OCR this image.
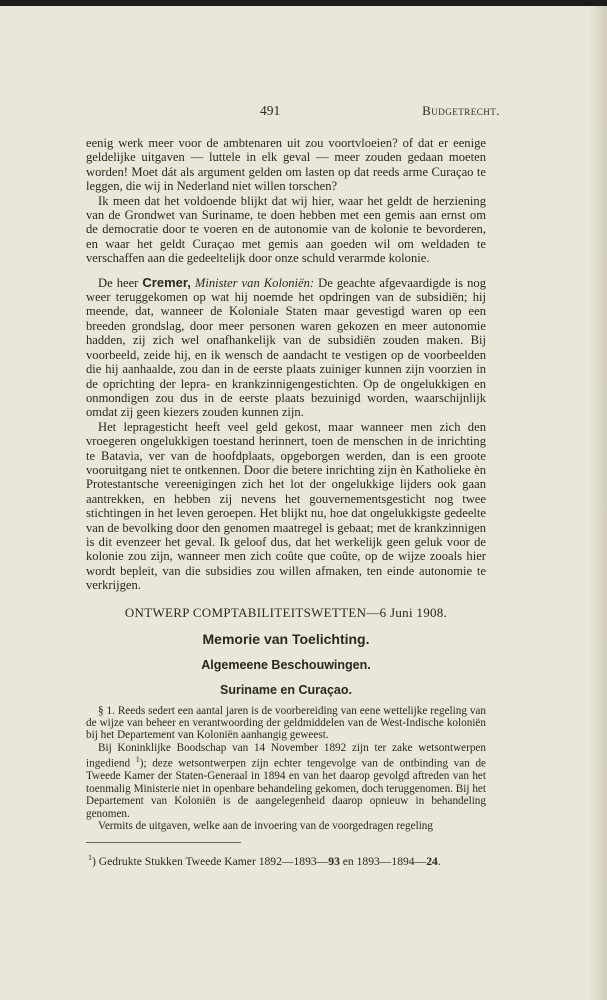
491	Budgetrecht.

eenig werk meer voor de ambtenaren uit zou voortvloeien? of dat er eenige geldelijke uitgaven — luttele in elk geval — meer zouden gedaan moeten worden! Moet dát als argument gelden om lasten op dat reeds arme Curaçao te leggen, die wij in Nederland niet willen torschen?

Ik meen dat het voldoende blijkt dat wij hier, waar het geldt de herziening van de Grondwet van Suriname, te doen hebben met een gemis aan ernst om de democratie door te voeren en de autonomie van de kolonie te bevorderen, en waar het geldt Curaçao met gemis aan goeden wil om weldaden te verschaffen aan die gedeeltelijk door onze schuld verarmde kolonie.

De heer Cremer, Minister van Koloniën: De geachte afgevaardigde is nog weer teruggekomen op wat hij noemde het opdringen van de subsidiën; hij meende, dat, wanneer de Koloniale Staten maar gevestigd waren op een breeden grondslag, door meer personen waren gekozen en meer autonomie hadden, zij zich wel onafhankelijk van de subsidiën zouden maken. Bij voorbeeld, zeide hij, en ik wensch de aandacht te vestigen op de voorbeelden die hij aanhaalde, zou dan in de eerste plaats zuiniger kunnen zijn voorzien in de oprichting der lepra- en krankzinnigengestichten. Op de ongelukkigen en onmondigen zou dus in de eerste plaats bezuinigd worden, waarschijnlijk omdat zij geen kiezers zouden kunnen zijn.

Het lepragesticht heeft veel geld gekost, maar wanneer men zich den vroegeren ongelukkigen toestand herinnert, toen de menschen in de inrichting te Batavia, ver van de hoofdplaats, opgeborgen werden, dan is een groote vooruitgang niet te ontkennen. Door die betere inrichting zijn èn Katholieke èn Protestantsche vereenigingen zich het lot der ongelukkige lijders ook gaan aantrekken, en hebben zij nevens het gouvernementsgesticht nog twee stichtingen in het leven geroepen. Het blijkt nu, hoe dat ongelukkigste gedeelte van de bevolking door den genomen maatregel is gebaat; met de krankzinnigen is dit evenzeer het geval. Ik geloof dus, dat het werkelijk geen geluk voor de kolonie zou zijn, wanneer men zich coûte que coûte, op de wijze zooals hier wordt bepleit, van die subsidies zou willen afmaken, ten einde autonomie te verkrijgen.

ONTWERP COMPTABILITEITSWETTEN—6 Juni 1908.
Memorie van Toelichting.
Algemeene Beschouwingen.
Suriname en Curaçao.

§ 1. Reeds sedert een aantal jaren is de voorbereiding van eene wettelijke regeling van de wijze van beheer en verantwoording der geldmiddelen van de West-Indische koloniën bij het Departement van Koloniën aanhangig geweest.

Bij Koninklijke Boodschap van 14 November 1892 zijn ter zake wetsontwerpen ingediend $^1$); deze wetsontwerpen zijn echter tengevolge van de ontbinding van de Tweede Kamer der Staten-Generaal in 1894 en van het daarop gevolgd aftreden van het toenmalig Ministerie niet in openbare behandeling gekomen, doch teruggenomen. Bij het Departement van Koloniën is de aangelegenheid daarop opnieuw in behandeling genomen.

Vermits de uitgaven, welke aan de invoering van de voorgedragen regeling

$^1$) Gedrukte Stukken Tweede Kamer 1892—1893—93 en 1893—1894—24.
